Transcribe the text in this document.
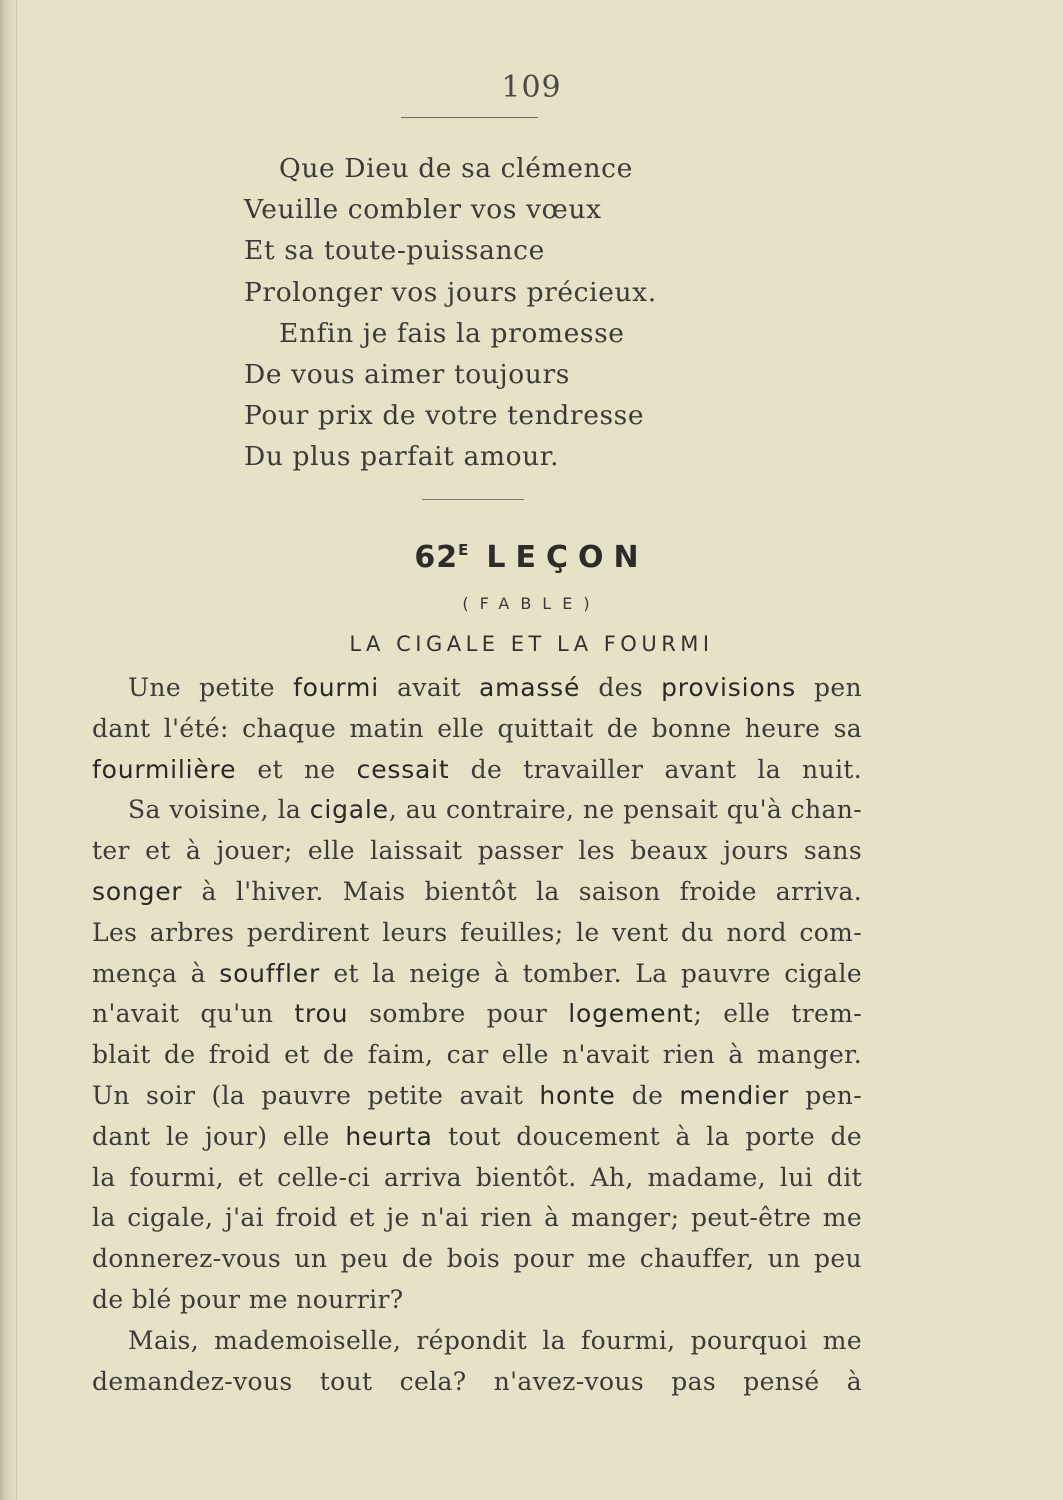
109
Que Dieu de sa clémence
Veuille combler vos vœux
Et sa toute-puissance
Prolonger vos jours précieux.
Enfin je fais la promesse
De vous aimer toujours
Pour prix de votre tendresse
Du plus parfait amour.
$62^E$ LEÇON
(FABLE)
LA CIGALE ET LA FOURMI
Une petite fourmi avait amassé des provisions pen
dant l'été: chaque matin elle quittait de bonne heure sa
fourmilière et ne cessait de travailler avant la nuit.
Sa voisine, la cigale, au contraire, ne pensait qu'à chan-
ter et à jouer; elle laissait passer les beaux jours sans
songer à l'hiver. Mais bientôt la saison froide arriva.
Les arbres perdirent leurs feuilles; le vent du nord com-
mença à souffler et la neige à tomber. La pauvre cigale
n'avait qu'un trou sombre pour logement; elle trem-
blait de froid et de faim, car elle n'avait rien à manger.
Un soir (la pauvre petite avait honte de mendier pen-
dant le jour) elle heurta tout doucement à la porte de
la fourmi, et celle-ci arriva bientôt. Ah, madame, lui dit
la cigale, j'ai froid et je n'ai rien à manger; peut-être me
donnerez-vous un peu de bois pour me chauffer, un peu
de blé pour me nourrir?
Mais, mademoiselle, répondit la fourmi, pourquoi me
demandez-vous tout cela? n'avez-vous pas pensé à
